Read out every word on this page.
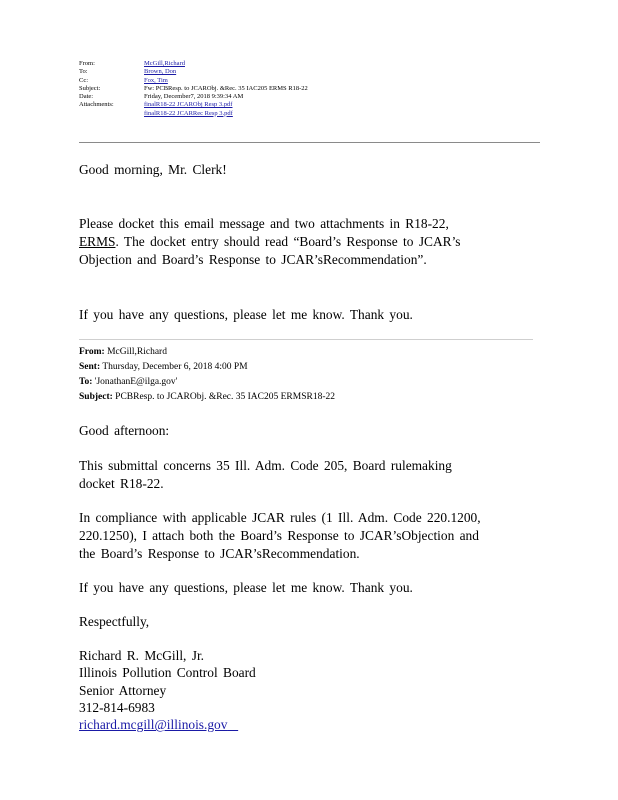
From:	McGill,Richard
To:	Brown, Don
Cc:	Fox, Tim
Subject:	Fw: PCBResp. to JCARObj. &Rec. 35 IAC205 ERMS R18-22
Date:	Friday, December7, 2018 9:39:34 AM
Attachments:	finalR18-22 JCARObj Resp 3.pdf
finalR18-22 JCARRec Resp 3.pdf
Good morning, Mr. Clerk!
Please docket this email message and two attachments in R18-22,
ERMS. The docket entry should read “Board’s Response to JCAR’s
Objection and Board’s Response to JCAR’sRecommendation”.
If you have any questions, please let me know. Thank you.
From: McGill,Richard
Sent: Thursday, December 6, 2018 4:00 PM
To: 'JonathanE@ilga.gov'
Subject: PCBResp. to JCARObj. &Rec. 35 IAC205 ERMSR18-22
Good afternoon:
This submittal concerns 35 Ill. Adm. Code 205, Board rulemaking
docket R18-22.
In compliance with applicable JCAR rules (1 Ill. Adm. Code 220.1200,
220.1250), I attach both the Board’s Response to JCAR’sObjection and
the Board’s Response to JCAR’sRecommendation.
If you have any questions, please let me know. Thank you.
Respectfully,
Richard R. McGill, Jr.
Illinois Pollution Control Board
Senior Attorney
312-814-6983
richard.mcgill@illinois.gov
